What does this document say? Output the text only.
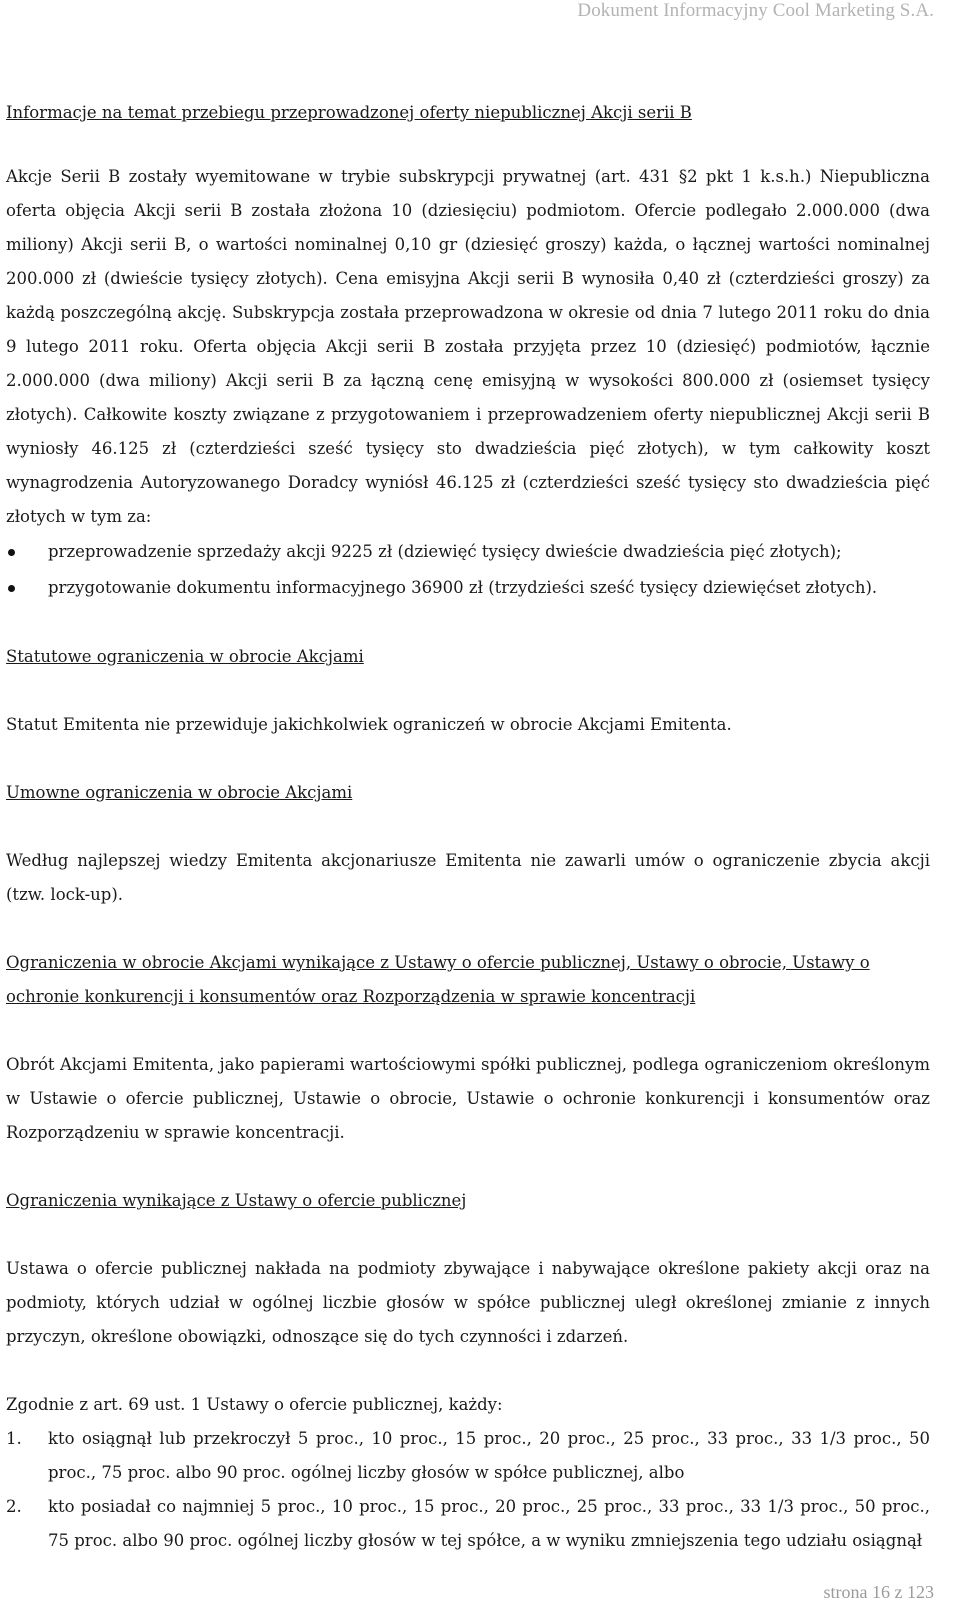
Dokument Informacyjny Cool Marketing S.A.
Informacje na temat przebiegu przeprowadzonej oferty niepublicznej Akcji serii B

Akcje Serii B zostały wyemitowane w trybie subskrypcji prywatnej (art. 431 §2 pkt 1 k.s.h.) Niepubliczna oferta objęcia Akcji serii B została złożona 10 (dziesięciu) podmiotom. Ofercie podlegało 2.000.000 (dwa miliony) Akcji serii B, o wartości nominalnej 0,10 gr (dziesięć groszy) każda, o łącznej wartości nominalnej 200.000 zł (dwieście tysięcy złotych). Cena emisyjna Akcji serii B wynosiła 0,40 zł (czterdzieści groszy) za każdą poszczególną akcję. Subskrypcja została przeprowadzona w okresie od dnia 7 lutego 2011 roku do dnia 9 lutego 2011 roku. Oferta objęcia Akcji serii B została przyjęta przez 10 (dziesięć) podmiotów, łącznie 2.000.000 (dwa miliony) Akcji serii B za łączną cenę emisyjną w wysokości 800.000 zł (osiemset tysięcy złotych). Całkowite koszty związane z przygotowaniem i przeprowadzeniem oferty niepublicznej Akcji serii B wyniosły 46.125 zł (czterdzieści sześć tysięcy sto dwadzieścia pięć złotych), w tym całkowity koszt wynagrodzenia Autoryzowanego Doradcy wyniósł 46.125 zł (czterdzieści sześć tysięcy sto dwadzieścia pięć złotych w tym za:

przeprowadzenie sprzedaży akcji 9225 zł (dziewięć tysięcy dwieście dwadzieścia pięć złotych);
przygotowanie dokumentu informacyjnego 36900 zł (trzydzieści sześć tysięcy dziewięćset złotych).
Statutowe ograniczenia w obrocie Akcjami

Statut Emitenta nie przewiduje jakichkolwiek ograniczeń w obrocie Akcjami Emitenta.

Umowne ograniczenia w obrocie Akcjami

Według najlepszej wiedzy Emitenta akcjonariusze Emitenta nie zawarli umów o ograniczenie zbycia akcji (tzw. lock-up).

Ograniczenia w obrocie Akcjami wynikające z Ustawy o ofercie publicznej, Ustawy o obrocie, Ustawy o ochronie konkurencji i konsumentów oraz Rozporządzenia w sprawie koncentracji

Obrót Akcjami Emitenta, jako papierami wartościowymi spółki publicznej, podlega ograniczeniom określonym w Ustawie o ofercie publicznej, Ustawie o obrocie, Ustawie o ochronie konkurencji i konsumentów oraz Rozporządzeniu w sprawie koncentracji.

Ograniczenia wynikające z Ustawy o ofercie publicznej

Ustawa o ofercie publicznej nakłada na podmioty zbywające i nabywające określone pakiety akcji oraz na podmioty, których udział w ogólnej liczbie głosów w spółce publicznej uległ określonej zmianie z innych przyczyn, określone obowiązki, odnoszące się do tych czynności i zdarzeń.

Zgodnie z art. 69 ust. 1 Ustawy o ofercie publicznej, każdy:

1. kto osiągnął lub przekroczył 5 proc., 10 proc., 15 proc., 20 proc., 25 proc., 33 proc., 33 1/3 proc., 50 proc., 75 proc. albo 90 proc. ogólnej liczby głosów w spółce publicznej, albo
2. kto posiadał co najmniej 5 proc., 10 proc., 15 proc., 20 proc., 25 proc., 33 proc., 33 1/3 proc., 50 proc., 75 proc. albo 90 proc. ogólnej liczby głosów w tej spółce, a w wyniku zmniejszenia tego udziału osiągnął
strona 16 z 123
